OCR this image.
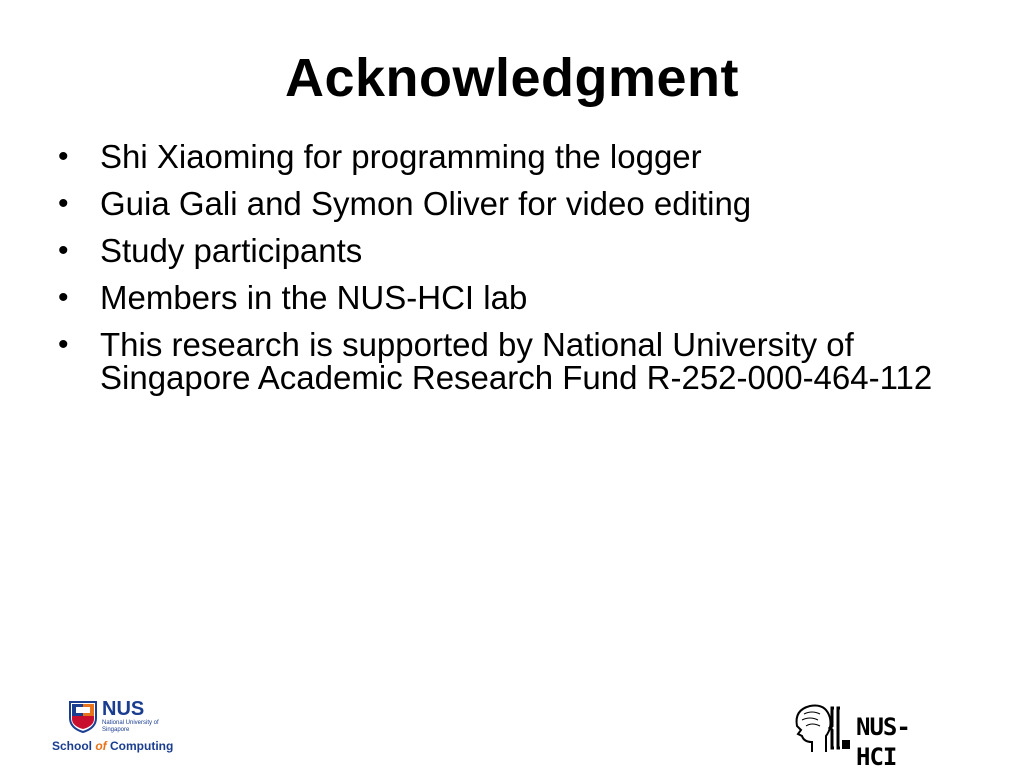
Acknowledgment
• Shi Xiaoming for programming the logger
• Guia Gali and Symon Oliver for video editing
• Study participants
• Members in the NUS-HCI lab
• This research is supported by National University of Singapore Academic Research Fund R-252-000-464-112
NUS
National University of Singapore
School of Computing
NUS-HCI
